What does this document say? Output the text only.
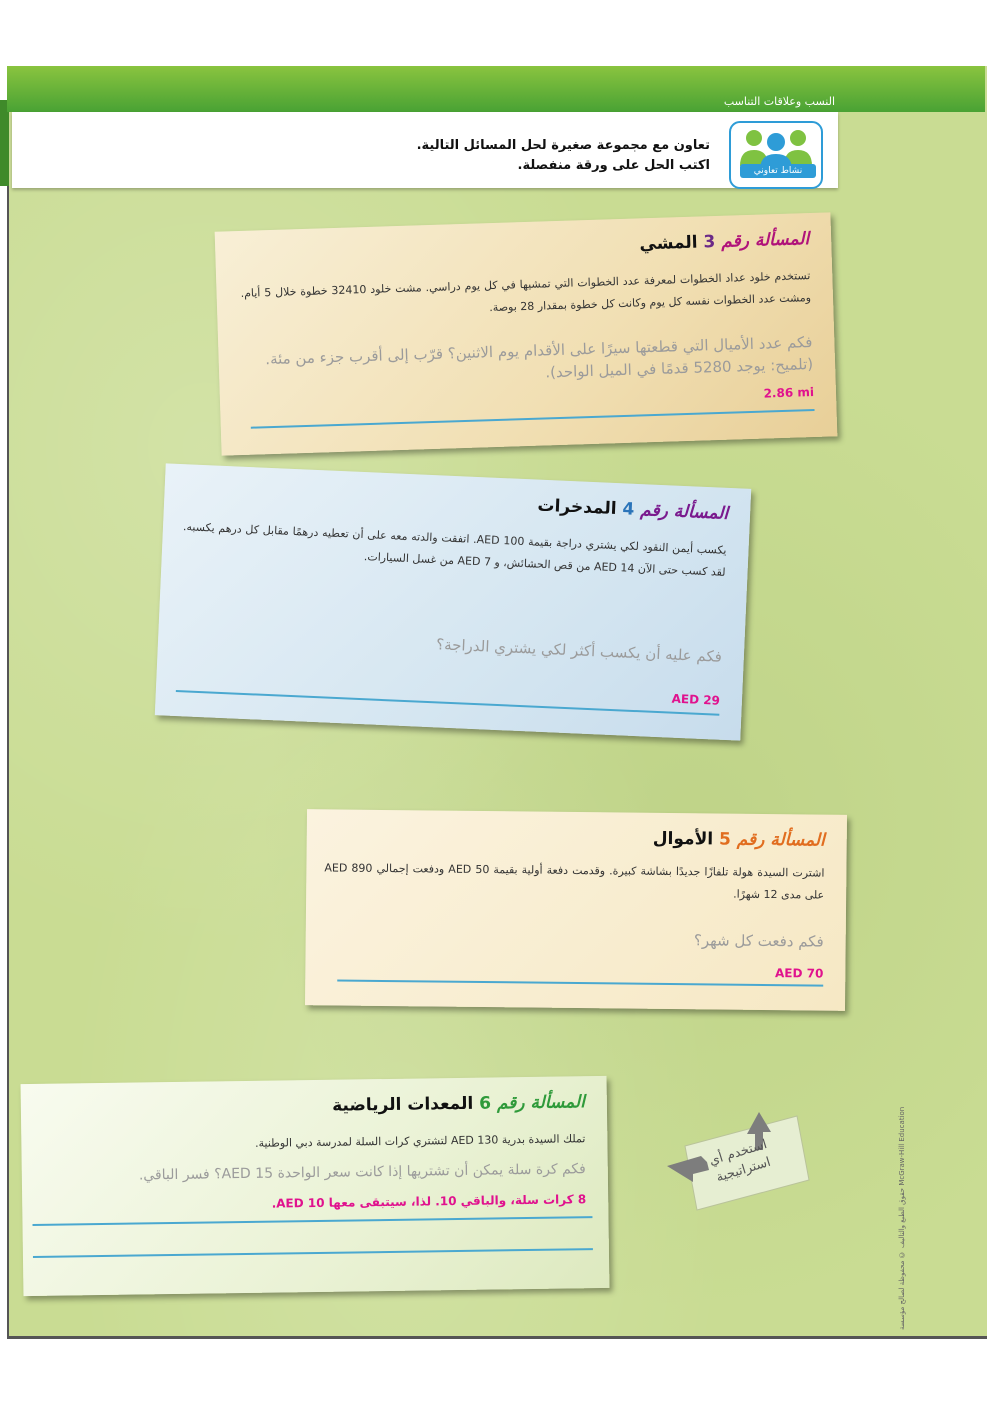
النسب وعلاقات التناسب
تعاون مع مجموعة صغيرة لحل المسائل التالية.
اكتب الحل على ورقة منفصلة.	نشاط تعاوني
المسألة رقم 3 المشي
تستخدم خلود عداد الخطوات لمعرفة عدد الخطوات التي تمشيها في كل يوم دراسي. مشت خلود 32410 خطوة خلال 5 أيام. ومشت عدد الخطوات نفسه كل يوم وكانت كل خطوة بمقدار 28 بوصة.
فكم عدد الأميال التي قطعتها سيرًا على الأقدام يوم الاثنين؟ قرّب إلى أقرب جزء من مئة. (تلميح: يوجد 5280 قدمًا في الميل الواحد).
2.86 mi
المسألة رقم 4 المدخرات
يكسب أيمن النقود لكي يشتري دراجة بقيمة 100 AED. اتفقت والدته معه على أن تعطيه درهمًا مقابل كل درهم يكسبه. لقد كسب حتى الآن 14 AED من قص الحشائش، و 7 AED من غسل السيارات.
فكم عليه أن يكسب أكثر لكي يشتري الدراجة؟
AED 29
المسألة رقم 5 الأموال
اشترت السيدة هولة تلفازًا جديدًا بشاشة كبيرة. وقدمت دفعة أولية بقيمة 50 AED ودفعت إجمالي 890 AED على مدى 12 شهرًا.
فكم دفعت كل شهر؟
AED 70
المسألة رقم 6 المعدات الرياضية
تملك السيدة بدرية 130 AED لتشتري كرات السلة لمدرسة دبي الوطنية.
فكم كرة سلة يمكن أن تشتريها إذا كانت سعر الواحدة 15 AED؟ فسر الباقي.
8 كرات سلة، والباقي 10. لذا، سيتبقى معها 10 AED.
استخدم أي استراتيجية
حقوق الطبع والتأليف © محفوظة لصالح مؤسسة McGraw-Hill Education
